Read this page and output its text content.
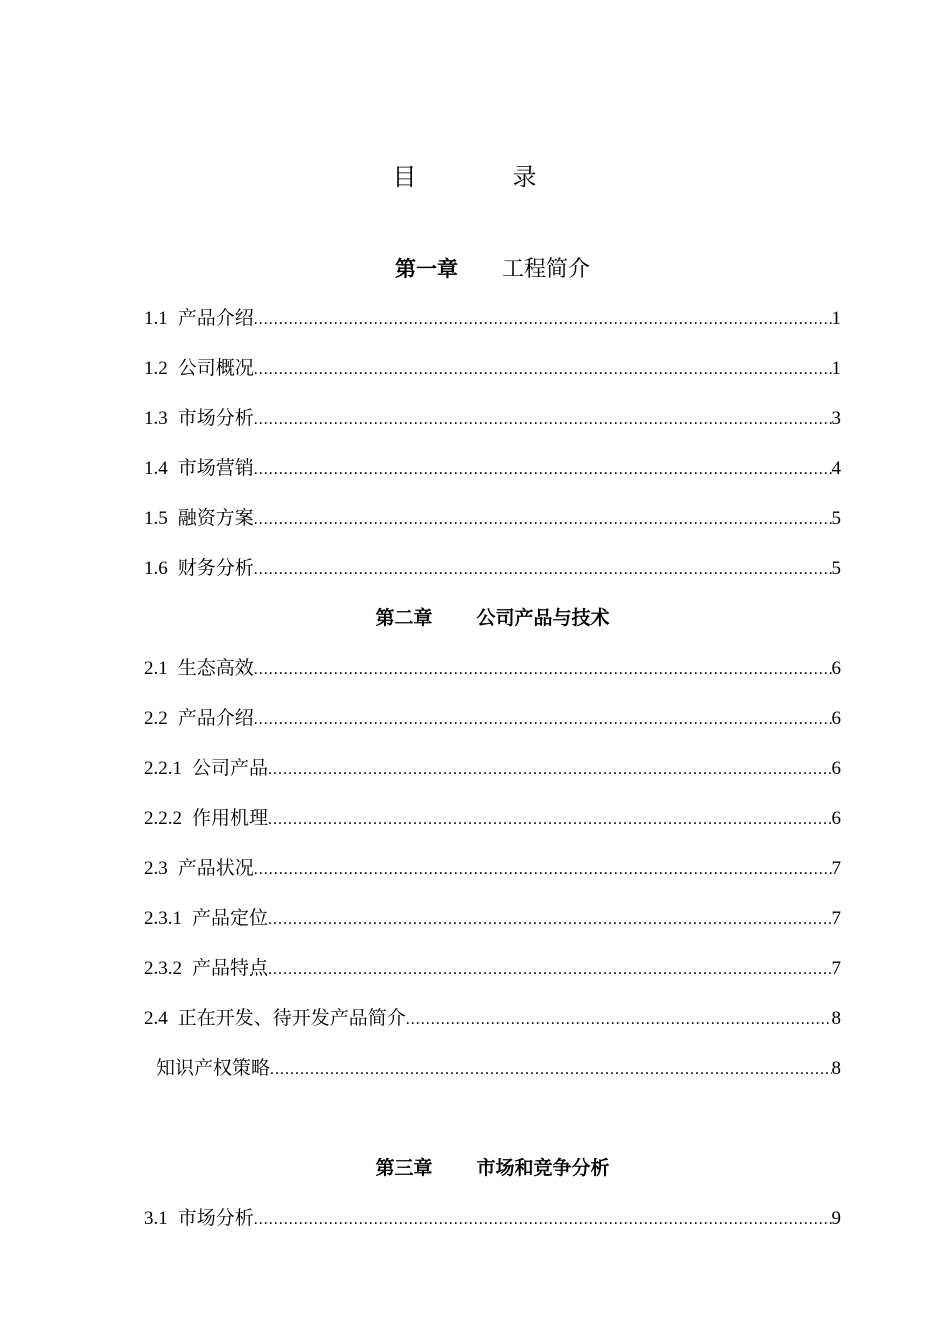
目　录
第一章 工程简介
1.1 产品介绍 .....	1
1.2 公司概况 .....	1
1.3 市场分析 .....	3
1.4 市场营销 .....	4
1.5 融资方案 .....	5
1.6 财务分析 .....	5
第二章 公司产品与技术
2.1 生态高效 .....	6
2.2 产品介绍 .....	6
2.2.1 公司产品 .....	6
2.2.2 作用机理 .....	6
2.3 产品状况 .....	7
2.3.1 产品定位 .....	7
2.3.2 产品特点 .....	7
2.4 正在开发、待开发产品简介 .....	8
知识产权策略 .....	8
第三章 市场和竞争分析
3.1 市场分析 .....	9
